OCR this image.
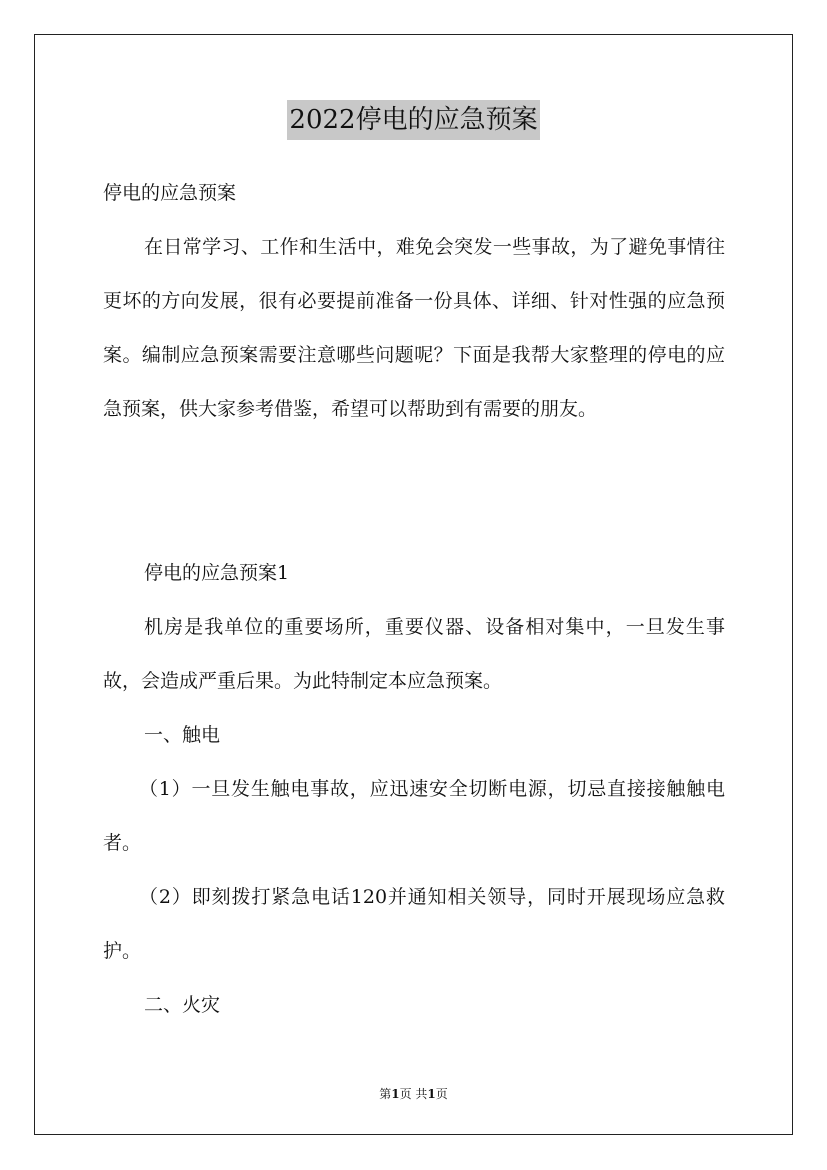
2022停电的应急预案

停电的应急预案

在日常学习、工作和生活中，难免会突发一些事故，为了避免事情往更坏的方向发展，很有必要提前准备一份具体、详细、针对性强的应急预案。编制应急预案需要注意哪些问题呢？下面是我帮大家整理的停电的应急预案，供大家参考借鉴，希望可以帮助到有需要的朋友。

停电的应急预案1

机房是我单位的重要场所，重要仪器、设备相对集中，一旦发生事故，会造成严重后果。为此特制定本应急预案。

一、触电

（1）一旦发生触电事故，应迅速安全切断电源，切忌直接接触触电者。

（2）即刻拨打紧急电话120并通知相关领导，同时开展现场应急救护。

二、火灾

第1页 共1页
